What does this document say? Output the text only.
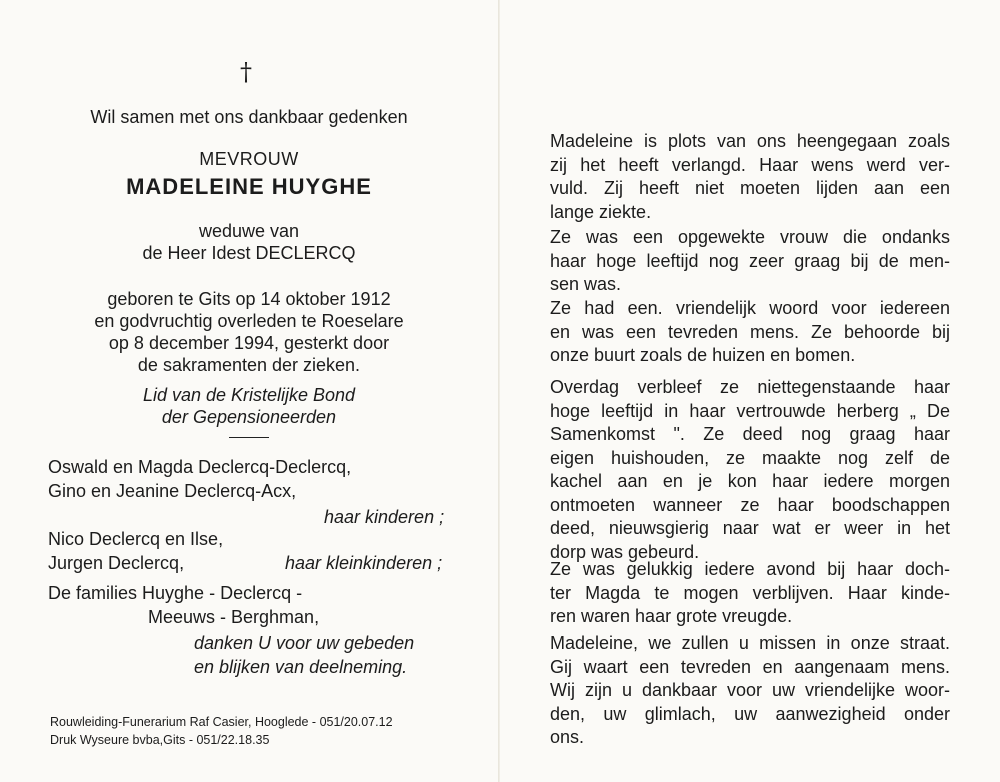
†
Wil samen met ons dankbaar gedenken
MEVROUW
MADELEINE HUYGHE
weduwe van
de Heer Idest DECLERCQ
geboren te Gits op 14 oktober 1912
en godvruchtig overleden te Roeselare
op 8 december 1994, gesterkt door
de sakramenten der zieken.
Lid van de Kristelijke Bond
der Gepensioneerden
Oswald en Magda Declercq-Declercq,
Gino en Jeanine Declercq-Acx,
haar kinderen ;
Nico Declercq en Ilse,
Jurgen Declercq,	haar kleinkinderen ;
De families Huyghe - Declercq -
Meeuws - Berghman,
danken U voor uw gebeden
en blijken van deelneming.
Rouwleiding-Funerarium Raf Casier, Hooglede - 051/20.07.12
Druk Wyseure bvba,Gits - 051/22.18.35
Madeleine is plots van ons heengegaan zoals
zij het heeft verlangd. Haar wens werd ver-
vuld. Zij heeft niet moeten lijden aan een
lange ziekte.
Ze was een opgewekte vrouw die ondanks
haar hoge leeftijd nog zeer graag bij de men-
sen was.
Ze had een. vriendelijk woord voor iedereen
en was een tevreden mens. Ze behoorde bij
onze buurt zoals de huizen en bomen.
Overdag verbleef ze niettegenstaande haar
hoge leeftijd in haar vertrouwde herberg „ De
Samenkomst ". Ze deed nog graag haar
eigen huishouden, ze maakte nog zelf de
kachel aan en je kon haar iedere morgen
ontmoeten wanneer ze haar boodschappen
deed, nieuwsgierig naar wat er weer in het
dorp was gebeurd.
Ze was gelukkig iedere avond bij haar doch-
ter Magda te mogen verblijven. Haar kinde-
ren waren haar grote vreugde.
Madeleine, we zullen u missen in onze straat.
Gij waart een tevreden en aangenaam mens.
Wij zijn u dankbaar voor uw vriendelijke woor-
den, uw glimlach, uw aanwezigheid onder
ons.
